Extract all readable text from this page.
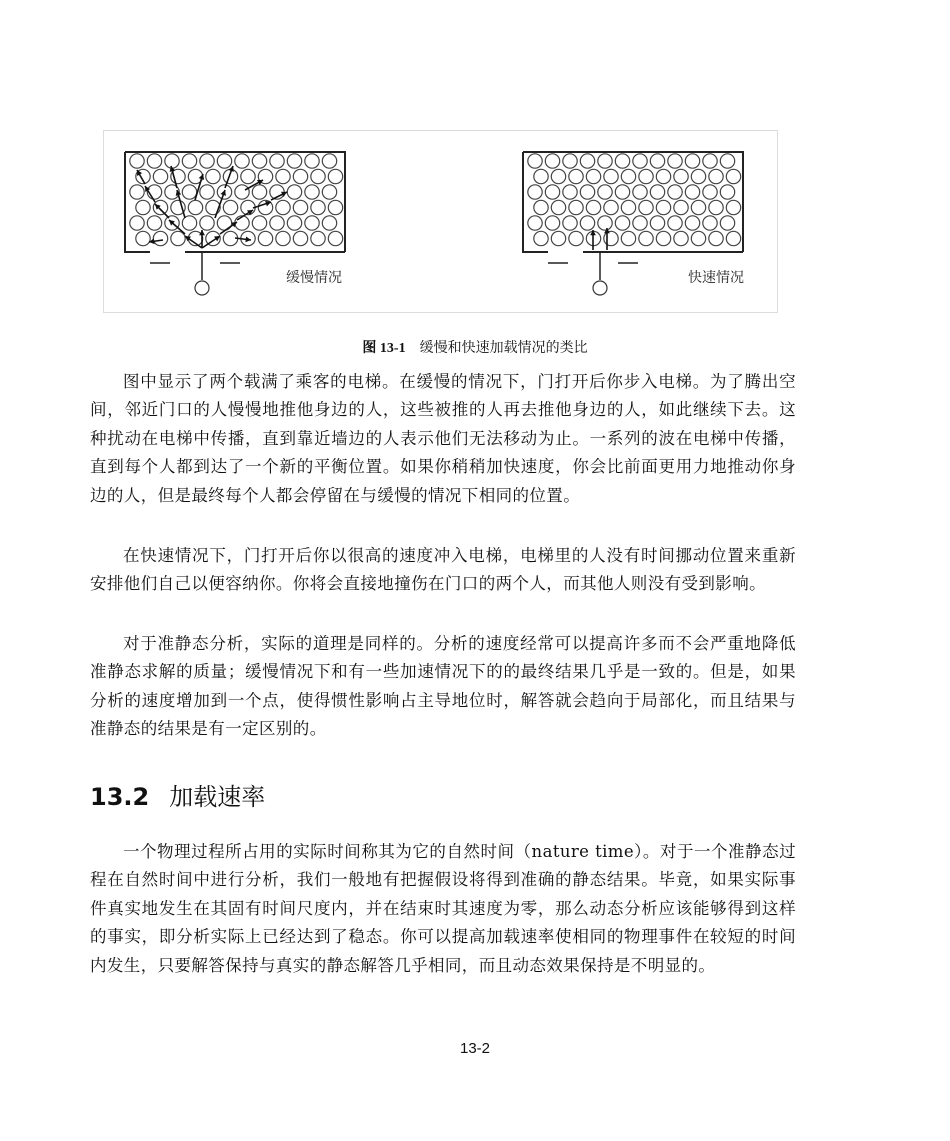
缓慢情况	快速情况
图 13-1 缓慢和快速加载情况的类比

图中显示了两个载满了乘客的电梯。在缓慢的情况下，门打开后你步入电梯。为了腾出空间，邻近门口的人慢慢地推他身边的人，这些被推的人再去推他身边的人，如此继续下去。这种扰动在电梯中传播，直到靠近墙边的人表示他们无法移动为止。一系列的波在电梯中传播，直到每个人都到达了一个新的平衡位置。如果你稍稍加快速度，你会比前面更用力地推动你身边的人，但是最终每个人都会停留在与缓慢的情况下相同的位置。

在快速情况下，门打开后你以很高的速度冲入电梯，电梯里的人没有时间挪动位置来重新安排他们自己以便容纳你。你将会直接地撞伤在门口的两个人，而其他人则没有受到影响。

对于准静态分析，实际的道理是同样的。分析的速度经常可以提高许多而不会严重地降低准静态求解的质量；缓慢情况下和有一些加速情况下的的最终结果几乎是一致的。但是，如果分析的速度增加到一个点，使得惯性影响占主导地位时，解答就会趋向于局部化，而且结果与准静态的结果是有一定区别的。

13.2 加载速率

一个物理过程所占用的实际时间称其为它的自然时间（nature time）。对于一个准静态过程在自然时间中进行分析，我们一般地有把握假设将得到准确的静态结果。毕竟，如果实际事件真实地发生在其固有时间尺度内，并在结束时其速度为零，那么动态分析应该能够得到这样的事实，即分析实际上已经达到了稳态。你可以提高加载速率使相同的物理事件在较短的时间内发生，只要解答保持与真实的静态解答几乎相同，而且动态效果保持是不明显的。

13-2
